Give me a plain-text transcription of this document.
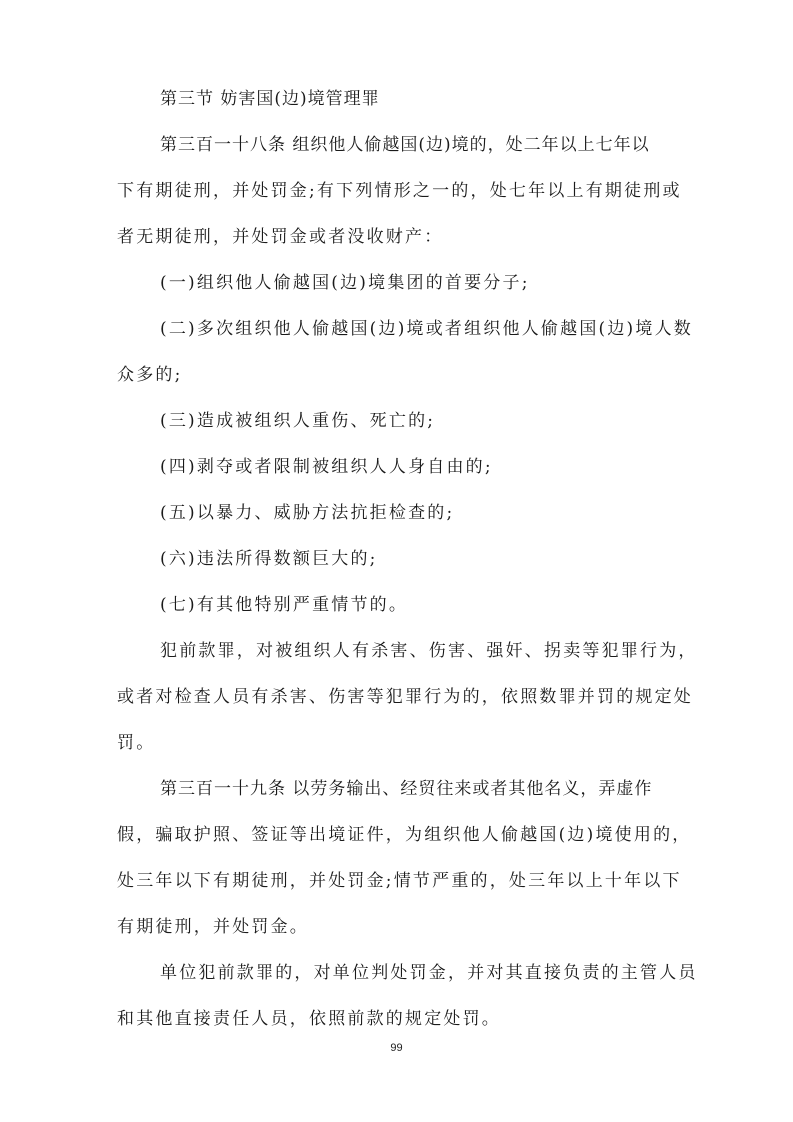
第三节 妨害国(边)境管理罪
第三百一十八条 组织他人偷越国(边)境的，处二年以上七年以
下有期徒刑，并处罚金;有下列情形之一的，处七年以上有期徒刑或
者无期徒刑，并处罚金或者没收财产：
(一)组织他人偷越国(边)境集团的首要分子;
(二)多次组织他人偷越国(边)境或者组织他人偷越国(边)境人数
众多的;
(三)造成被组织人重伤、死亡的;
(四)剥夺或者限制被组织人人身自由的;
(五)以暴力、威胁方法抗拒检查的;
(六)违法所得数额巨大的;
(七)有其他特别严重情节的。
犯前款罪，对被组织人有杀害、伤害、强奸、拐卖等犯罪行为，
或者对检查人员有杀害、伤害等犯罪行为的，依照数罪并罚的规定处
罚。
第三百一十九条 以劳务输出、经贸往来或者其他名义，弄虚作
假，骗取护照、签证等出境证件，为组织他人偷越国(边)境使用的，
处三年以下有期徒刑，并处罚金;情节严重的，处三年以上十年以下
有期徒刑，并处罚金。
单位犯前款罪的，对单位判处罚金，并对其直接负责的主管人员
和其他直接责任人员，依照前款的规定处罚。
99
